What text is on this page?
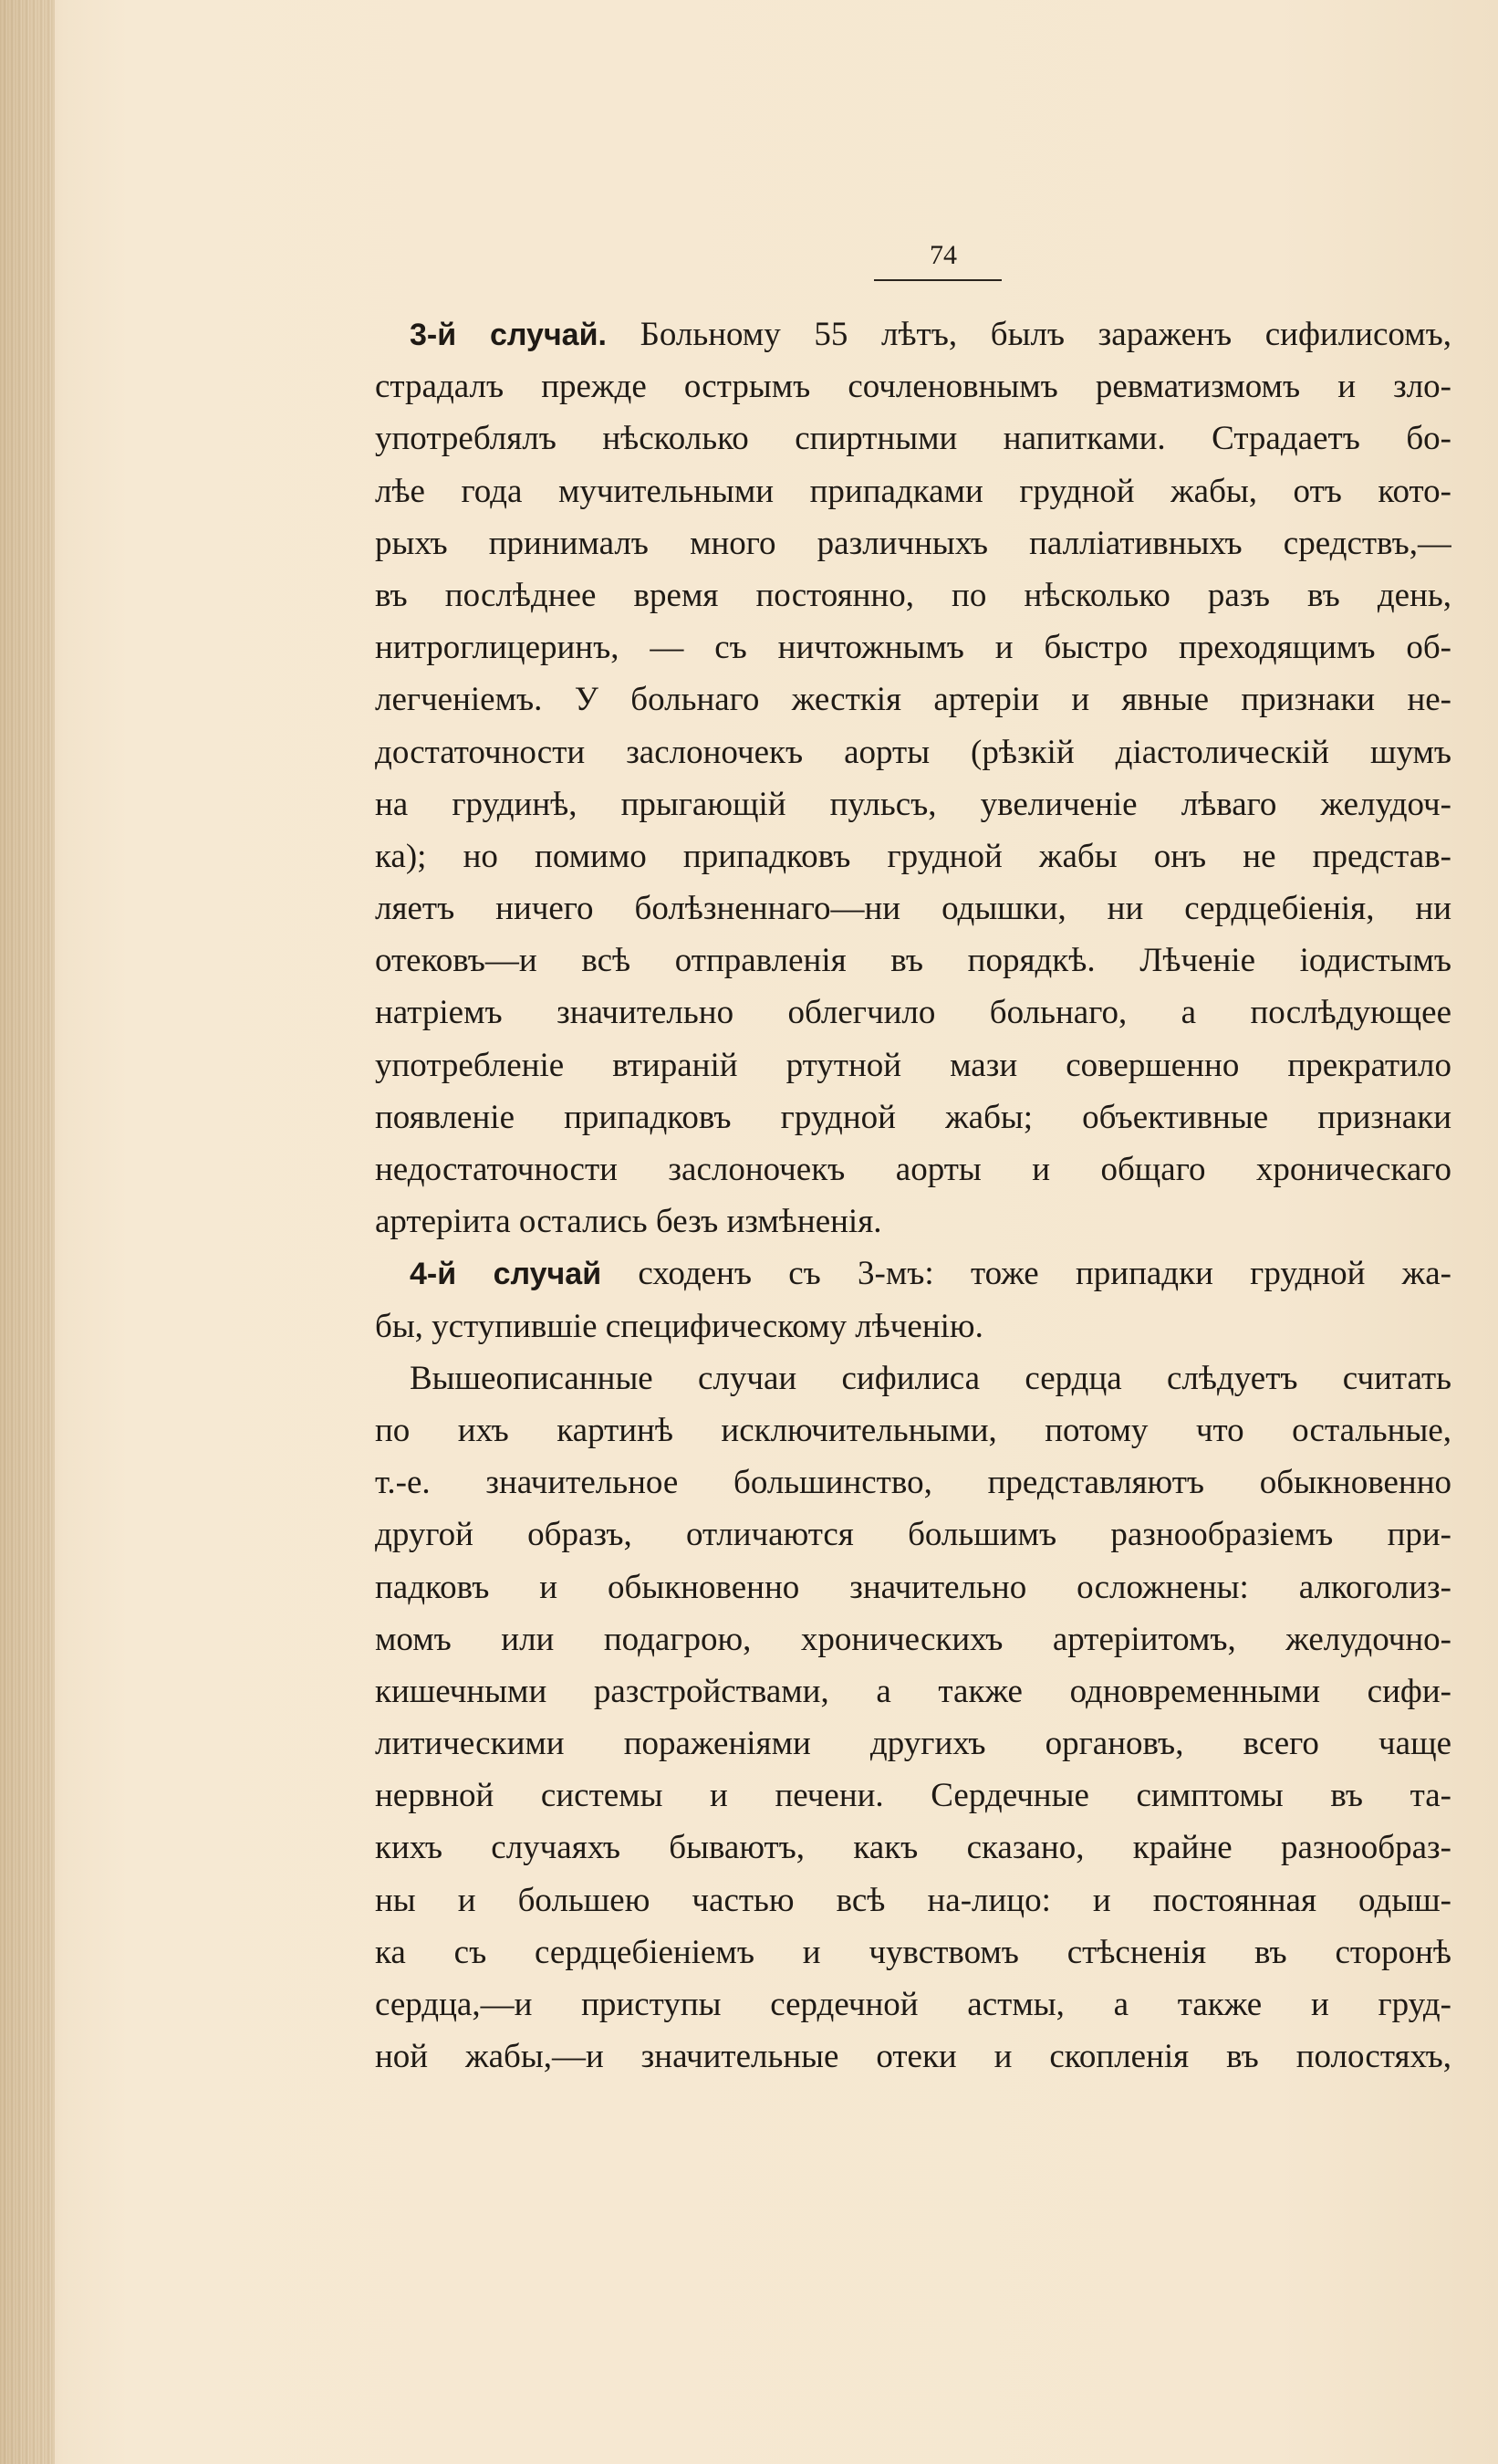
74
3-й случай. Больному 55 лѣтъ, былъ зараженъ сифилисомъ,
страдалъ прежде острымъ сочленовнымъ ревматизмомъ и зло-
употреблялъ нѣсколько спиртными напитками. Страдаетъ бо-
лѣе года мучительными припадками грудной жабы, отъ кото-
рыхъ принималъ много различныхъ палліативныхъ средствъ,—
въ послѣднее время постоянно, по нѣсколько разъ въ день,
нитроглицеринъ, — съ ничтожнымъ и быстро преходящимъ об-
легченіемъ. У больнаго жесткія артеріи и явные признаки не-
достаточности заслоночекъ аорты (рѣзкій діастолическій шумъ
на грудинѣ, прыгающій пульсъ, увеличеніе лѣваго желудоч-
ка); но помимо припадковъ грудной жабы онъ не представ-
ляетъ ничего болѣзненнаго—ни одышки, ни сердцебіенія, ни
отековъ—и всѣ отправленія въ порядкѣ. Лѣченіе іодистымъ
натріемъ значительно облегчило больнаго, а послѣдующее
употребленіе втираній ртутной мази совершенно прекратило
появленіе припадковъ грудной жабы; объективные признаки
недостаточности заслоночекъ аорты и общаго хроническаго
артеріита остались безъ измѣненія.
4-й случай сходенъ съ 3-мъ: тоже припадки грудной жа-
бы, уступившіе специфическому лѣченію.
Вышеописанные случаи сифилиса сердца слѣдуетъ считать
по ихъ картинѣ исключительными, потому что остальные,
т.-е. значительное большинство, представляютъ обыкновенно
другой образъ, отличаются большимъ разнообразіемъ при-
падковъ и обыкновенно значительно осложнены: алкоголиз-
момъ или подагрою, хроническихъ артеріитомъ, желудочно-
кишечными разстройствами, а также одновременными сифи-
литическими пораженіями другихъ органовъ, всего чаще
нервной системы и печени. Сердечные симптомы въ та-
кихъ случаяхъ бываютъ, какъ сказано, крайне разнообраз-
ны и большею частью всѣ на-лицо: и постоянная одыш-
ка съ сердцебіеніемъ и чувствомъ стѣсненія въ сторонѣ
сердца,—и приступы сердечной астмы, а также и груд-
ной жабы,—и значительные отеки и скопленія въ полостяхъ,
